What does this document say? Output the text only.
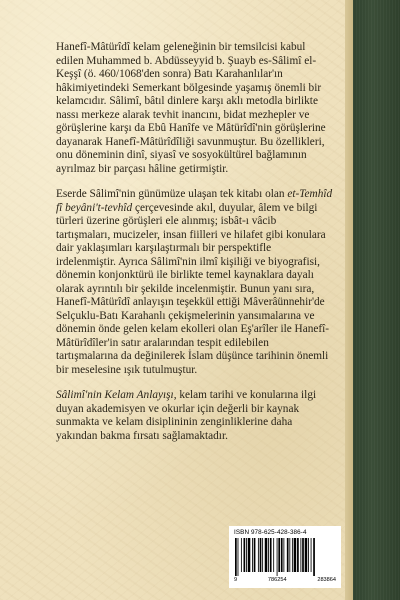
Hanefî-Mâtürîdî kelam geleneğinin bir temsilcisi kabul edilen Muhammed b. Abdüsseyyid b. Şuayb es-Sâlimî el-Keşşî (ö. 460/1068'den sonra) Batı Karahanlılar'ın hâkimiyetindeki Semerkant bölgesinde yaşamış önemli bir kelamcıdır. Sâlimî, bâtıl dinlere karşı aklı metodla birlikte nassı merkeze alarak tevhit inancını, bidat mezhepler ve görüşlerine karşı da Ebû Hanîfe ve Mâtürîdî'nin görüşlerine dayanarak Hanefî-Mâtürîdîliği savunmuştur. Bu özellikleri, onu döneminin dinî, siyasî ve sosyokültürel bağlamının ayrılmaz bir parçası hâline getirmiştir.

Eserde Sâlimî'nin günümüze ulaşan tek kitabı olan et-Temhîd fî beyâni't-tevhîd çerçevesinde akıl, duyular, âlem ve bilgi türleri üzerine görüşleri ele alınmış; isbât-ı vâcib tartışmaları, mucizeler, insan fiilleri ve hilafet gibi konulara dair yaklaşımları karşılaştırmalı bir perspektifle irdelenmiştir. Ayrıca Sâlimî'nin ilmî kişiliği ve biyografisi, dönemin konjonktürü ile birlikte temel kaynaklara dayalı olarak ayrıntılı bir şekilde incelenmiştir. Bunun yanı sıra, Hanefî-Mâtürîdî anlayışın teşekkül ettiği Mâverâünnehir'de Selçuklu-Batı Karahanlı çekişmelerinin yansımalarına ve dönemin önde gelen kelam ekolleri olan Eş'arîler ile Hanefî-Mâtürîdîler'in satır aralarından tespit edilebilen tartışmalarına da değinilerek İslam düşünce tarihinin önemli bir meselesine ışık tutulmuştur.

Sâlimî'nin Kelam Anlayışı, kelam tarihi ve konularına ilgi duyan akademisyen ve okurlar için değerli bir kaynak sunmakta ve kelam disiplininin zenginliklerine daha yakından bakma fırsatı sağlamaktadır.

ISBN 978-625-428-386-4
9	786254	283864
